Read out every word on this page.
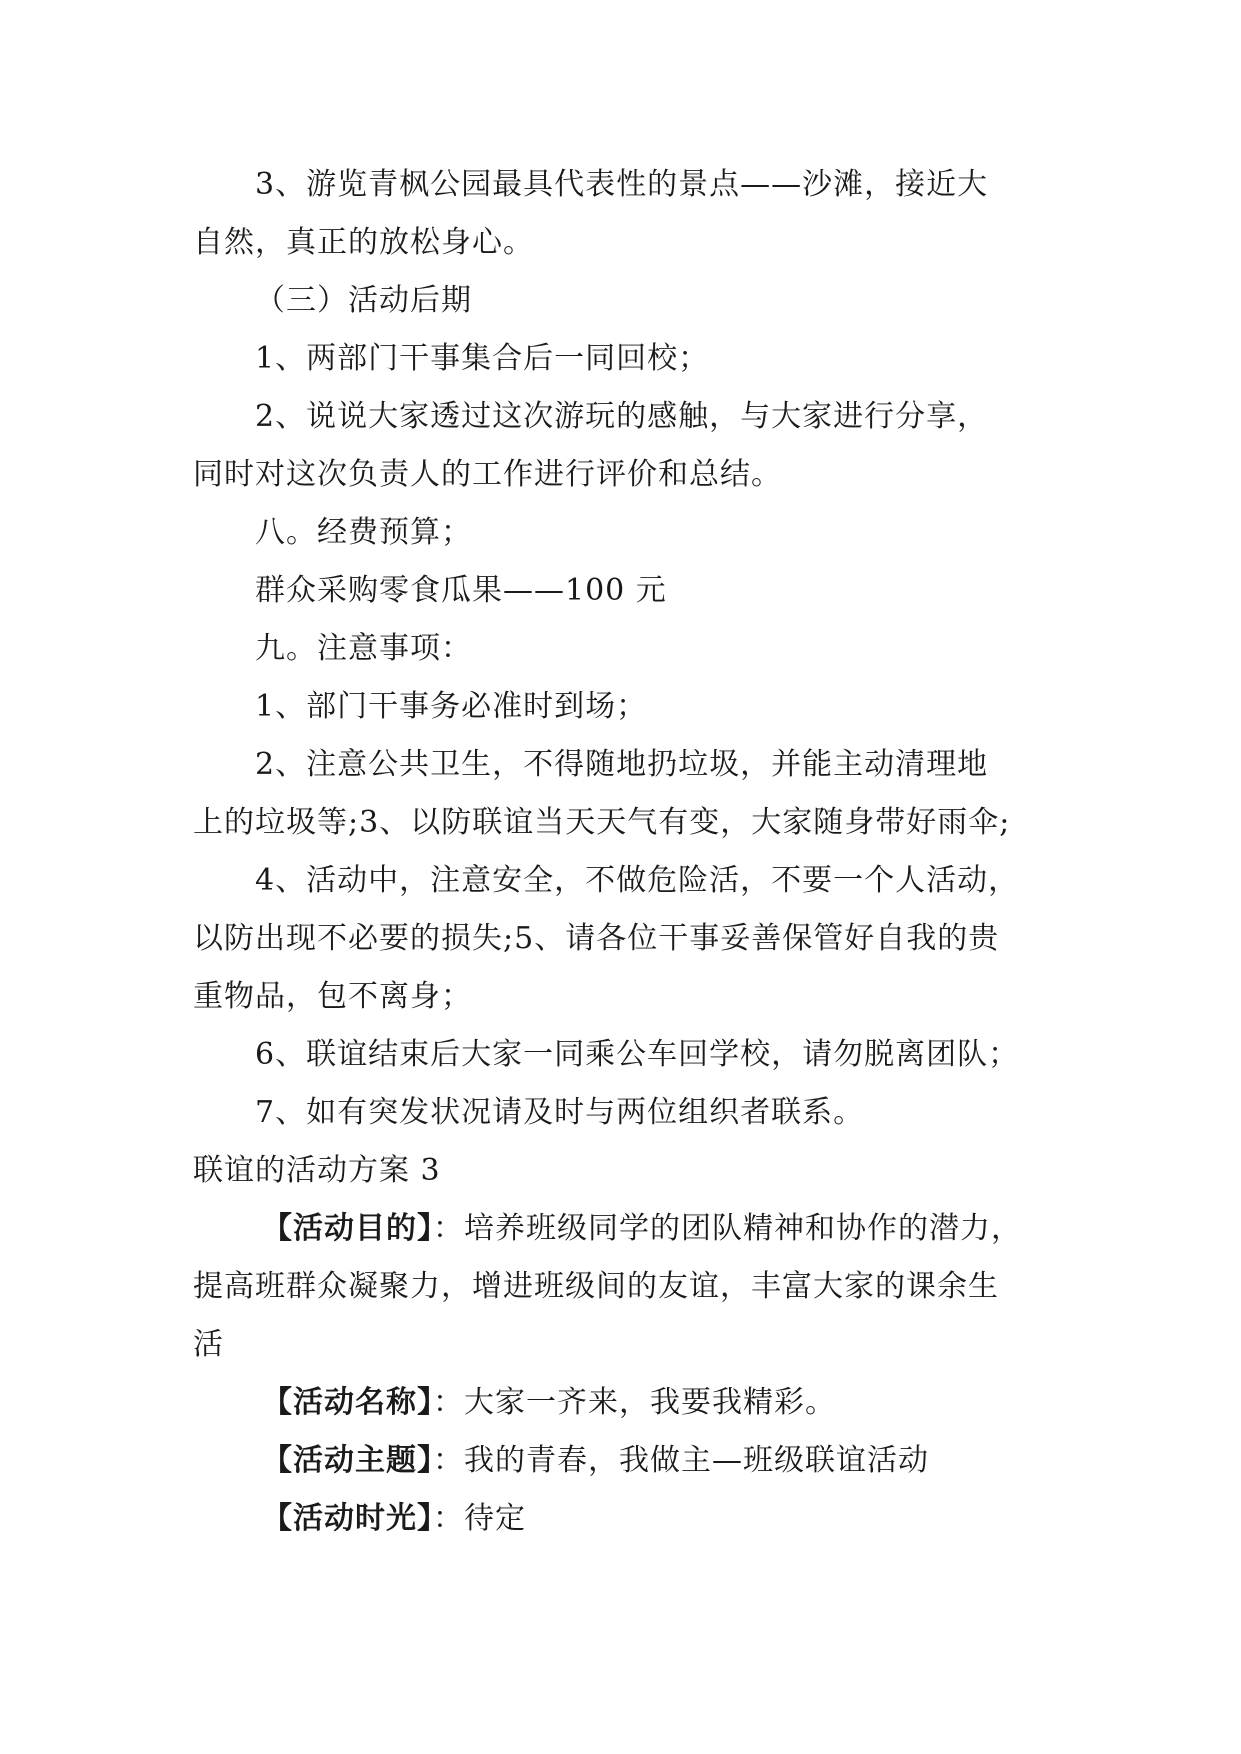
3、游览青枫公园最具代表性的景点——沙滩，接近大
自然，真正的放松身心。
（三）活动后期
1、两部门干事集合后一同回校；
2、说说大家透过这次游玩的感触，与大家进行分享，
同时对这次负责人的工作进行评价和总结。
八。经费预算；
群众采购零食瓜果——100 元
九。注意事项：
1、部门干事务必准时到场；
2、注意公共卫生，不得随地扔垃圾，并能主动清理地
上的垃圾等;3、以防联谊当天天气有变，大家随身带好雨伞;
4、活动中，注意安全，不做危险活，不要一个人活动，
以防出现不必要的损失;5、请各位干事妥善保管好自我的贵
重物品，包不离身；
6、联谊结束后大家一同乘公车回学校，请勿脱离团队；
7、如有突发状况请及时与两位组织者联系。
联谊的活动方案 3
【活动目的】：培养班级同学的团队精神和协作的潜力，
提高班群众凝聚力，增进班级间的友谊，丰富大家的课余生
活
【活动名称】：大家一齐来，我要我精彩。
【活动主题】：我的青春，我做主—班级联谊活动
【活动时光】：待定
